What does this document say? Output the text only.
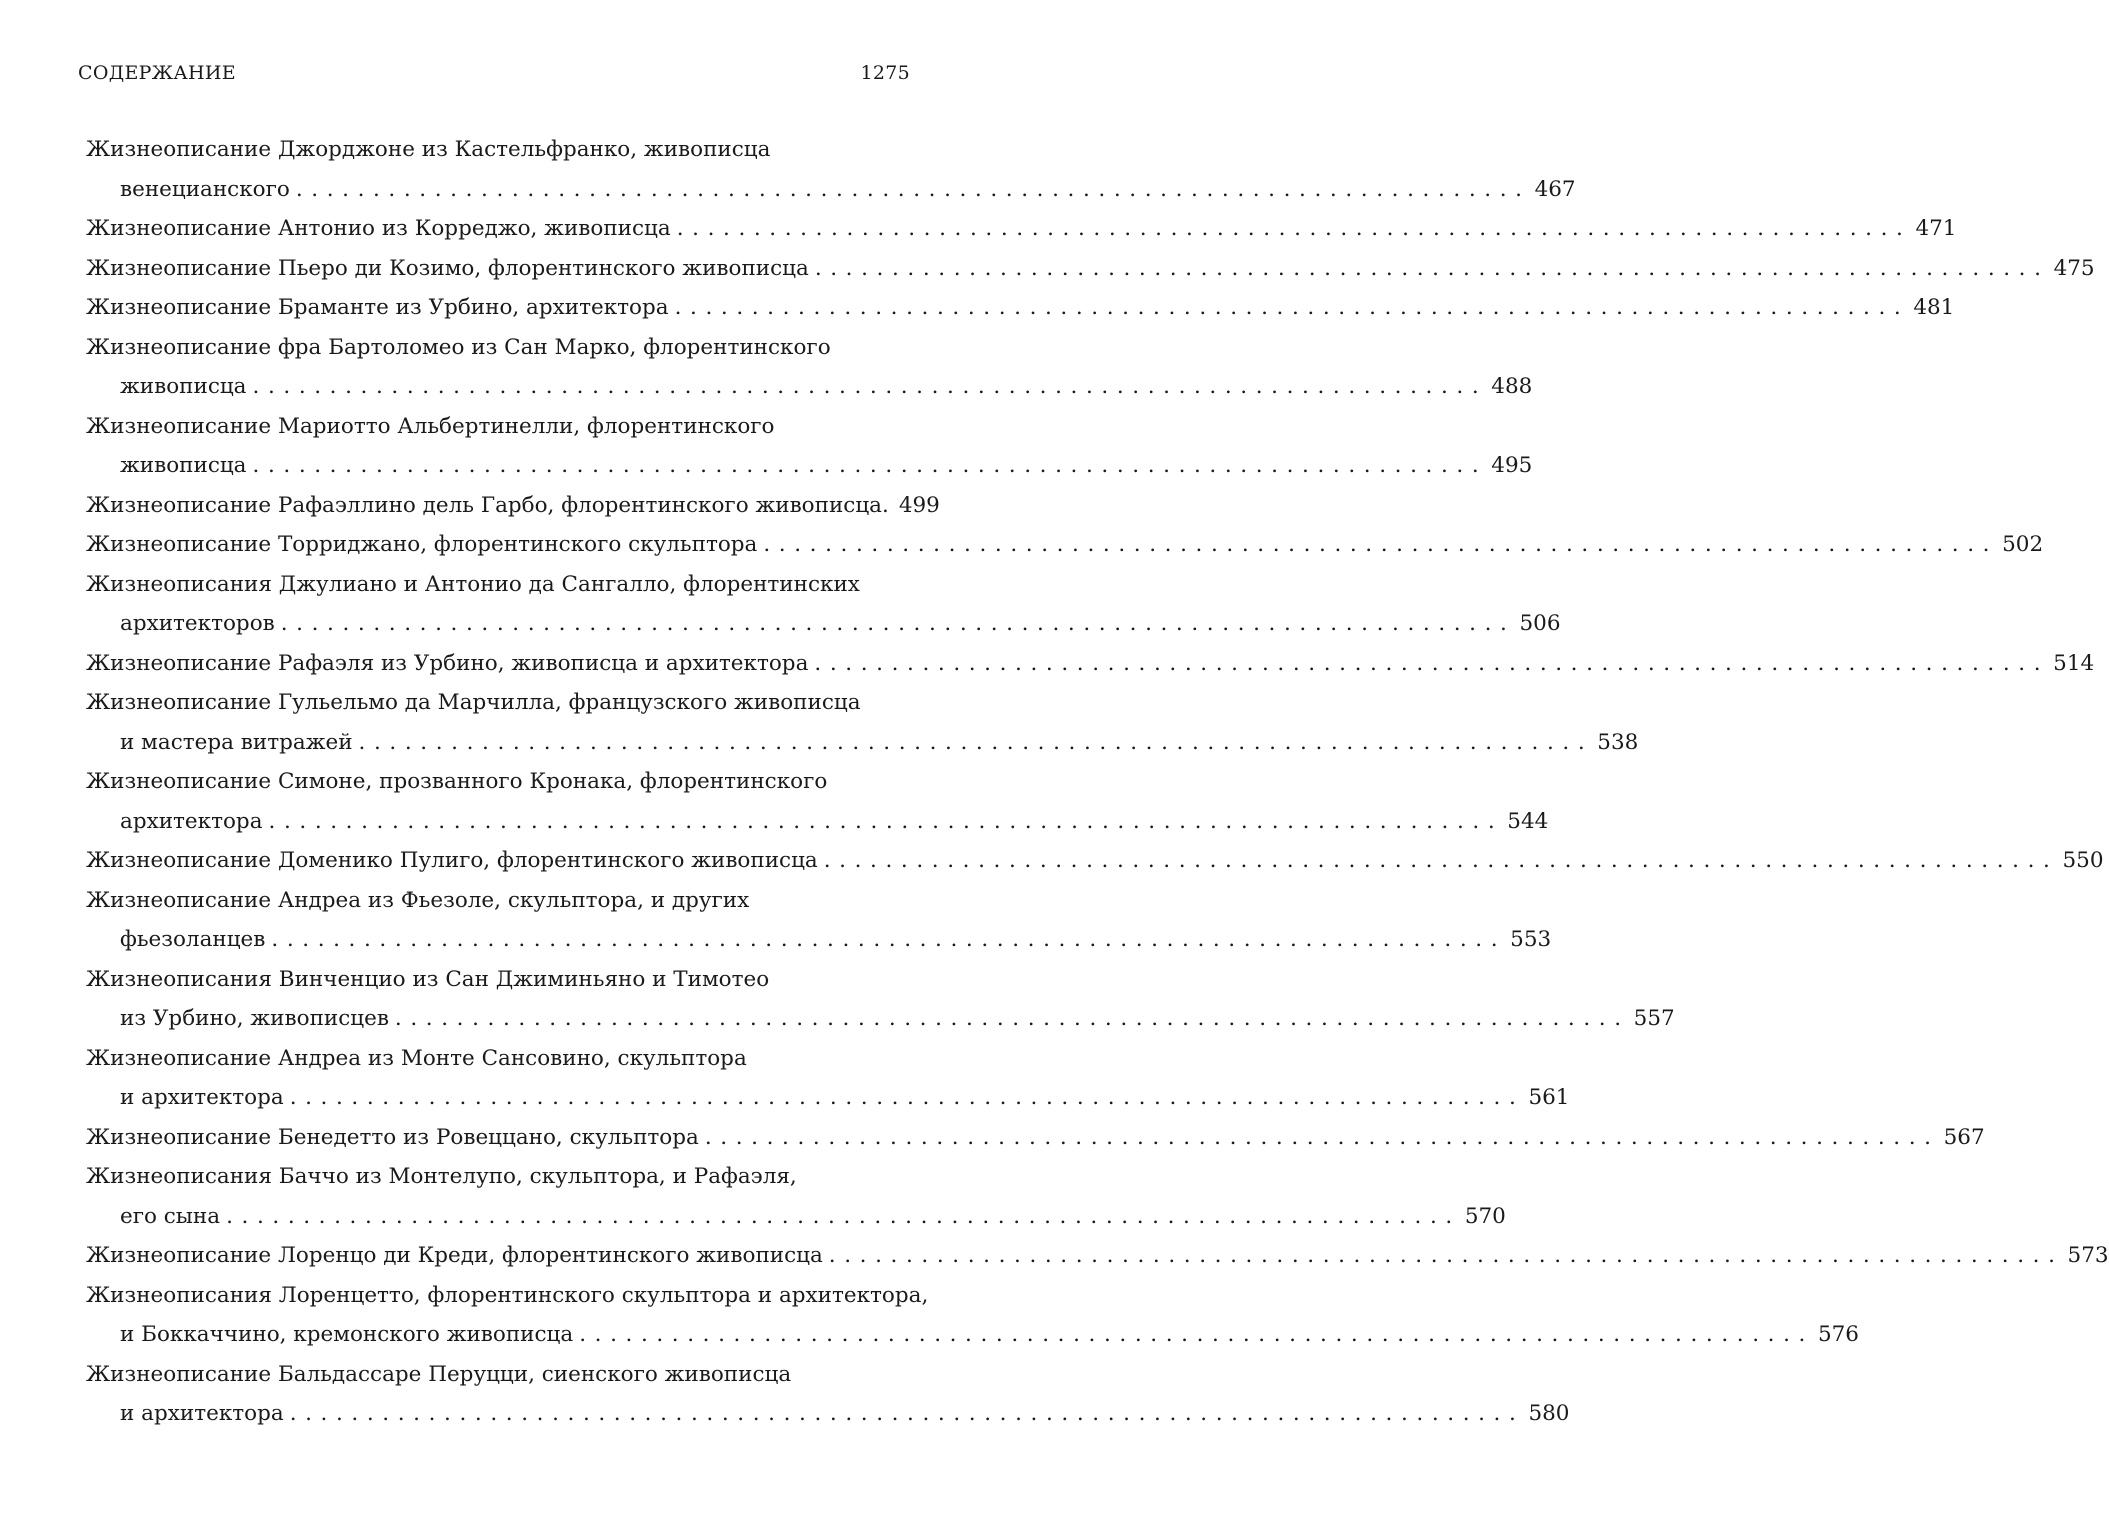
СОДЕРЖАНИЕ	1275
Жизнеописание Джорджоне из Кастельфранко, живописца
венецианского ................................................................................ 467
Жизнеописание Антонио из Корреджо, живописца ................................................................................ 471
Жизнеописание Пьеро ди Козимо, флорентинского живописца ................................................................................ 475
Жизнеописание Браманте из Урбино, архитектора ................................................................................ 481
Жизнеописание фра Бартоломео из Сан Марко, флорентинского
живописца ................................................................................ 488
Жизнеописание Мариотто Альбертинелли, флорентинского
живописца ................................................................................ 495
Жизнеописание Рафаэллино дель Гарбо, флорентинского живописца. 499
Жизнеописание Торриджано, флорентинского скульптора ................................................................................ 502
Жизнеописания Джулиано и Антонио да Сангалло, флорентинских
архитекторов ................................................................................ 506
Жизнеописание Рафаэля из Урбино, живописца и архитектора ................................................................................ 514
Жизнеописание Гульельмо да Марчилла, французского живописца
и мастера витражей ................................................................................ 538
Жизнеописание Симоне, прозванного Кронака, флорентинского
архитектора ................................................................................ 544
Жизнеописание Доменико Пулиго, флорентинского живописца ................................................................................ 550
Жизнеописание Андреа из Фьезоле, скульптора, и других
фьезоланцев ................................................................................ 553
Жизнеописания Винченцио из Сан Джиминьяно и Тимотео
из Урбино, живописцев ................................................................................ 557
Жизнеописание Андреа из Монте Сансовино, скульптора
и архитектора ................................................................................ 561
Жизнеописание Бенедетто из Ровеццано, скульптора ................................................................................ 567
Жизнеописания Баччо из Монтелупо, скульптора, и Рафаэля,
его сына ................................................................................ 570
Жизнеописание Лоренцо ди Креди, флорентинского живописца ................................................................................ 573
Жизнеописания Лоренцетто, флорентинского скульптора и архитектора,
и Боккаччино, кремонского живописца ................................................................................ 576
Жизнеописание Бальдассаре Перуцци, сиенского живописца
и архитектора ................................................................................ 580
